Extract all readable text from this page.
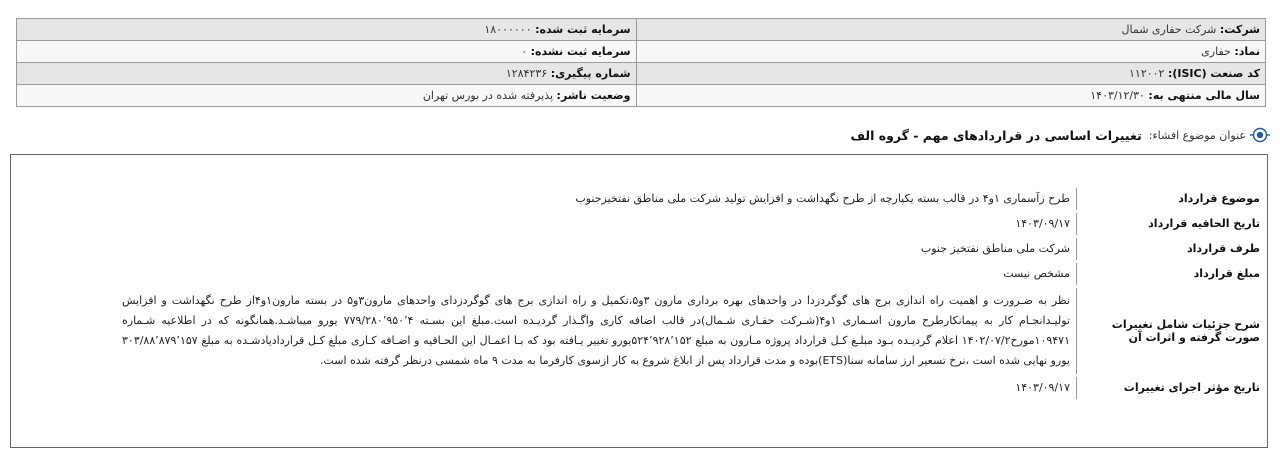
شرکت: شرکت حفاری شمال	سرمایه ثبت شده: ۱۸۰۰۰۰۰۰
نماد: حفاری	سرمایه ثبت نشده: ۰
کد صنعت (ISIC): ۱۱۲۰۰۲	شماره پیگیری: ۱۲۸۴۲۳۶
سال مالی منتهی به: ۱۴۰۳/۱۲/۳۰	وضعیت ناشر: پذیرفته شده در بورس تهران
عنوان موضوع افشاء:
تغییرات اساسی در قراردادهای مهم - گروه الف
موضوع قرارداد
طرح زآسماری ۱و۴ در قالب بسته یکپارچه از طرح نگهداشت و افزایش تولید شرکت ملی مناطق نفتخیزجنوب
تاریخ الحاقیه قرارداد
۱۴۰۳/۰۹/۱۷
طرف قرارداد
شرکت ملی مناطق نفتخیز جنوب
مبلغ قرارداد
مشخص نیست
شرح جزئیات شامل تغییرات صورت گرفته و اثرات آن
نظر به ضـرورت و اهمیت راه اندازی برج های گوگردزدا در واحدهای بهره برداری مارون ۳و۵،تکمیل و راه اندازی برج های گوگردزدای واحدهای مارون۳و۵ در بسته مارون۱و۴از طرح نگهداشت و افزایش تولیـدانجـام کار به پیمانکارطرح مارون اسـماری ۱و۴(شـرکت حفـاری شـمال)در قالب اضافه کاری واگـذار گردیـده است.مبلغ این بسـته ۷۷۹/۲۸۰٬۹۵۰٬۴ یورو میباشـد.همانگونه که در اطلاعیه شـماره ۱۰۹۴۷۱مورخ۱۴۰۲/۰۷/۲ اعلام گردیـده بـود مبلـغ کـل قرارداد پروژه مـارون به مبلغ ۵۲۴٬۹۲۸٬۱۵۲یورو تغییر یـافته بود که بـا اعمـال این الحـاقیه و اضـافه کـاری مبلغ کـل قراردادیادشـده به مبلغ ۳۰۳/۸۸٬۸۷۹٬۱۵۷ یورو نهایی شده است ،نرخ تسعیر ارز سامانه سنا(ETS)بوده و مدت قرارداد پس از ابلاغ شروع به کار ازسوی کارفرما به مدت ۹ ماه شمسی درنظر گرفته شده است.
تاریخ مؤثر اجرای تغییرات
۱۴۰۳/۰۹/۱۷
